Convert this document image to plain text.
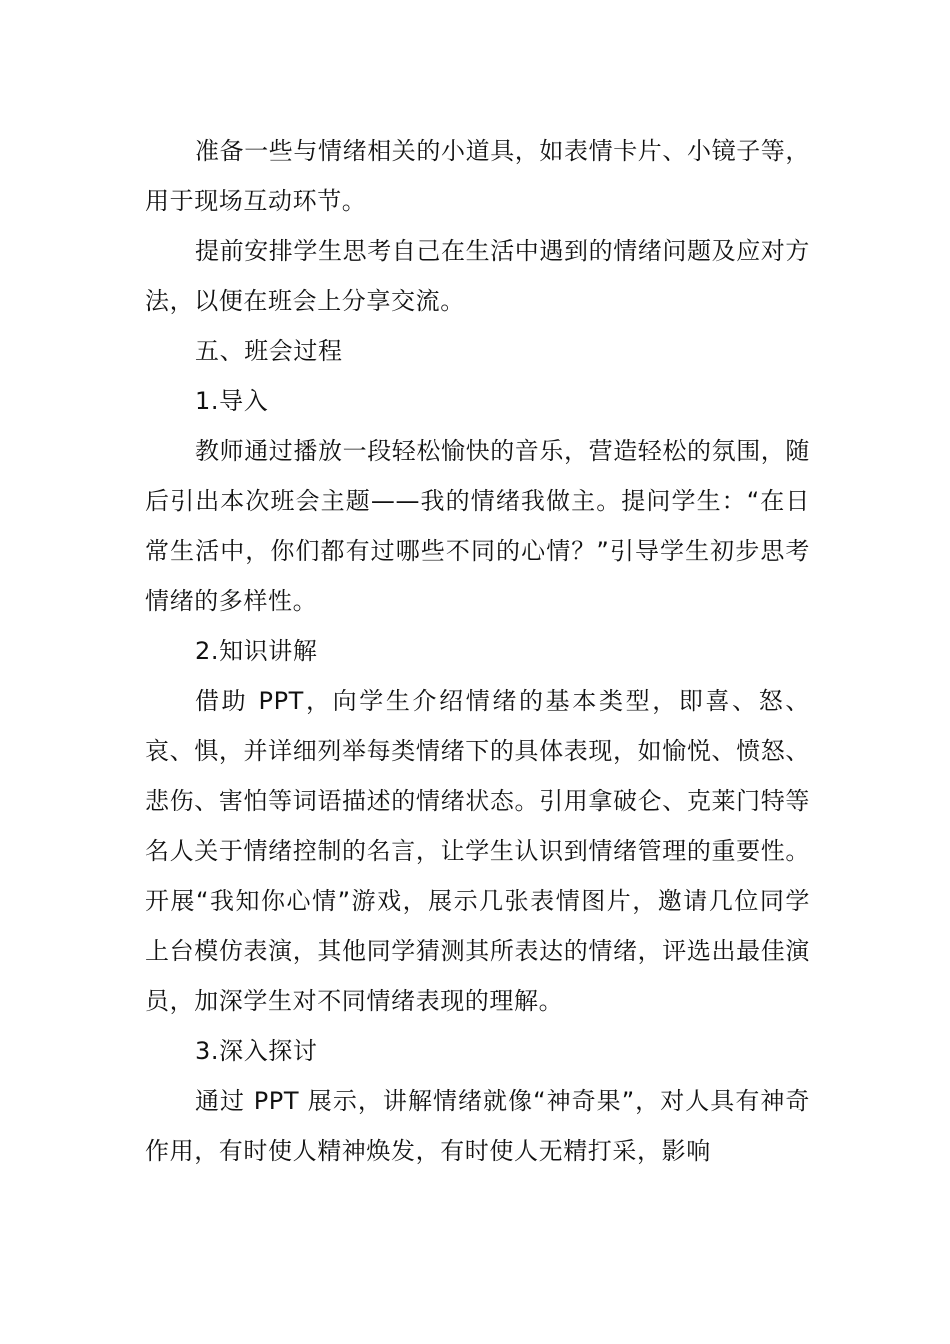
准备一些与情绪相关的小道具，如表情卡片、小镜子等，用于现场互动环节。

提前安排学生思考自己在生活中遇到的情绪问题及应对方法，以便在班会上分享交流。

五、班会过程

1.导入

教师通过播放一段轻松愉快的音乐，营造轻松的氛围，随后引出本次班会主题——我的情绪我做主。提问学生：“在日常生活中，你们都有过哪些不同的心情？”引导学生初步思考情绪的多样性。

2.知识讲解

借助 PPT，向学生介绍情绪的基本类型，即喜、怒、哀、惧，并详细列举每类情绪下的具体表现，如愉悦、愤怒、悲伤、害怕等词语描述的情绪状态。引用拿破仑、克莱门特等名人关于情绪控制的名言，让学生认识到情绪管理的重要性。开展“我知你心情”游戏，展示几张表情图片，邀请几位同学上台模仿表演，其他同学猜测其所表达的情绪，评选出最佳演员，加深学生对不同情绪表现的理解。

3.深入探讨

通过 PPT 展示，讲解情绪就像“神奇果”，对人具有神奇作用，有时使人精神焕发，有时使人无精打采，影响
